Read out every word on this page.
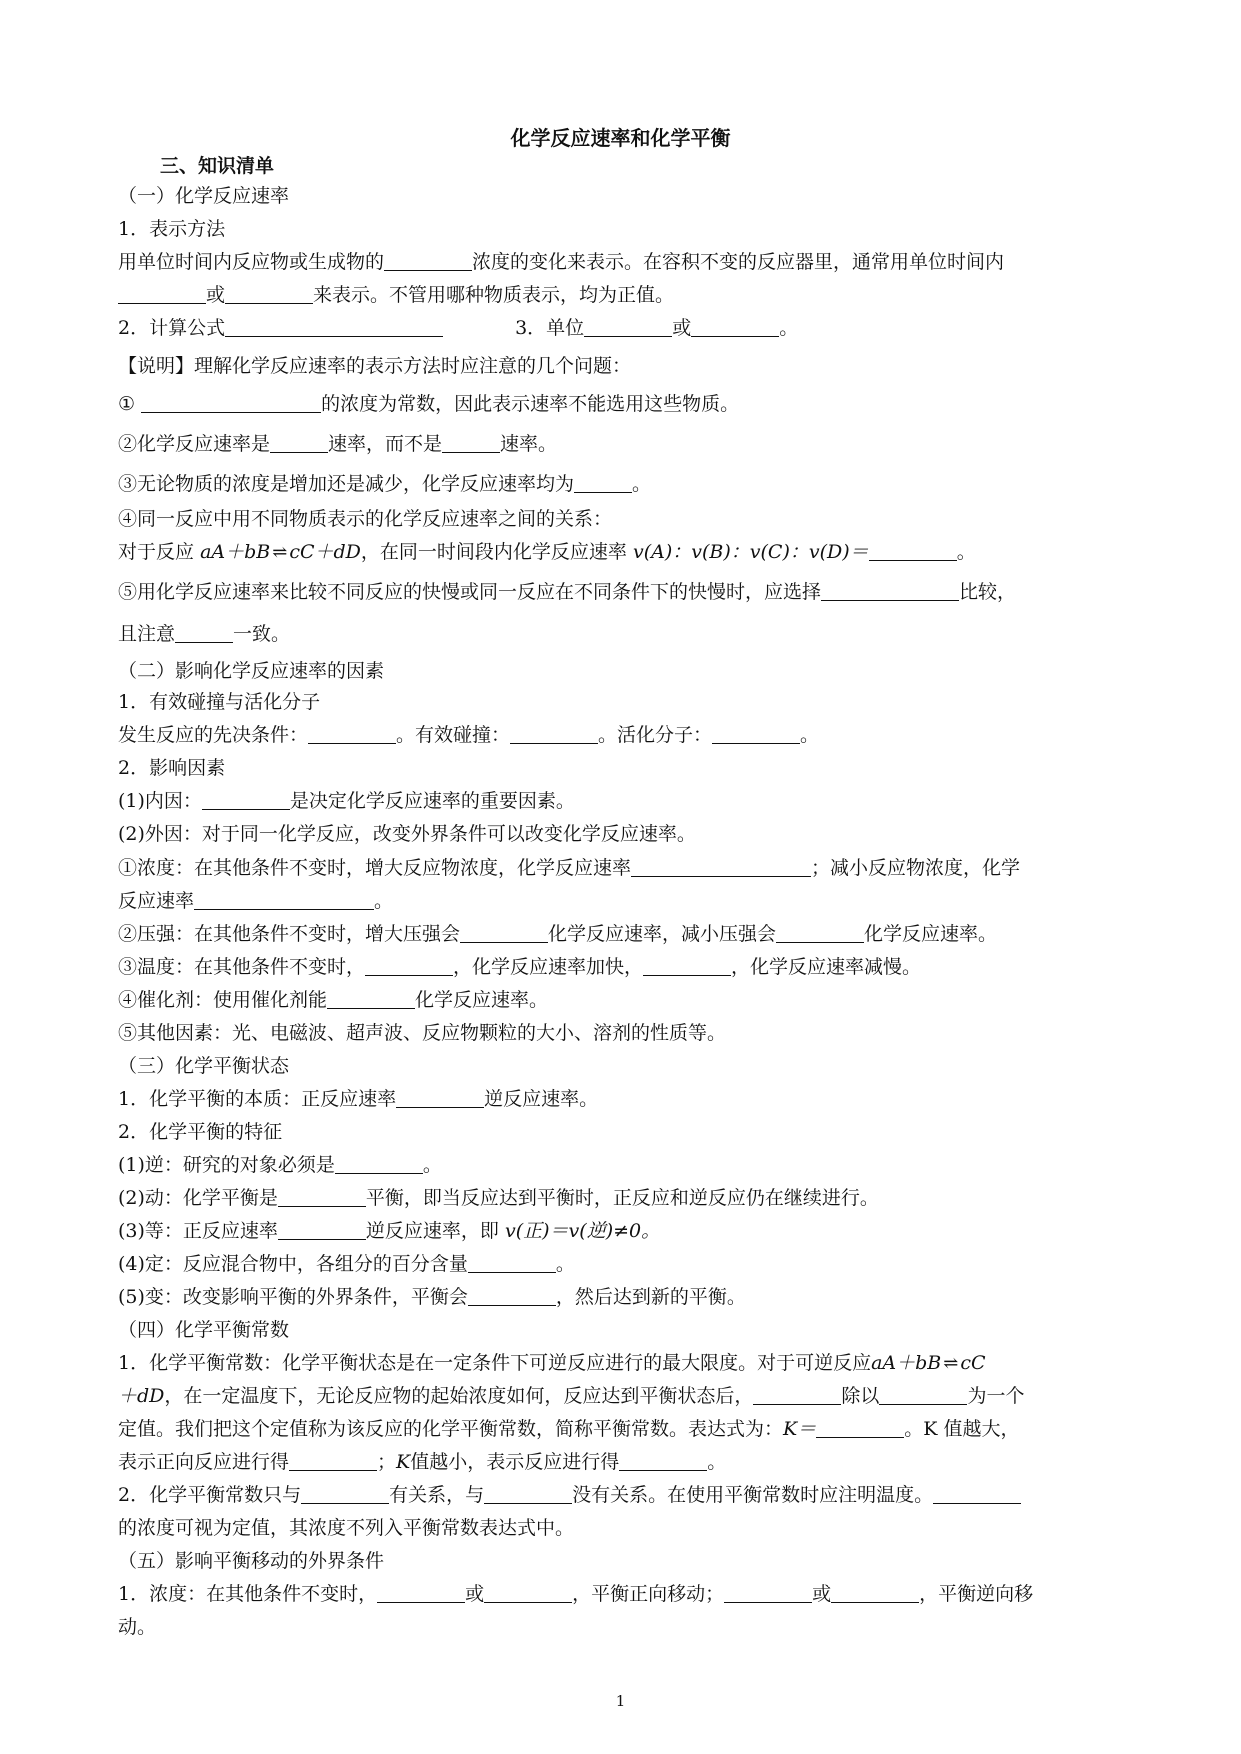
化学反应速率和化学平衡
三、知识清单
（一）化学反应速率
1．表示方法
用单位时间内反应物或生成物的	浓度的变化来表示。在容积不变的反应器里，通常用单位时间内
或	来表示。不管用哪种物质表示，均为正值。
2．计算公式	3．单位	或	。
【说明】理解化学反应速率的表示方法时应注意的几个问题：
①	的浓度为常数，因此表示速率不能选用这些物质。
②化学反应速率是	速率，而不是	速率。
③无论物质的浓度是增加还是减少，化学反应速率均为	。
④同一反应中用不同物质表示的化学反应速率之间的关系：
对于反应 aA＋bB ⇌ cC＋dD，在同一时间段内化学反应速率 v(A)：v(B)：v(C)：v(D)＝	。
⑤用化学反应速率来比较不同反应的快慢或同一反应在不同条件下的快慢时，应选择	比较，
且注意	一致。
（二）影响化学反应速率的因素
1．有效碰撞与活化分子
发生反应的先决条件：	。有效碰撞：	。活化分子：	。
2．影响因素
(1)内因：	是决定化学反应速率的重要因素。
(2)外因：对于同一化学反应，改变外界条件可以改变化学反应速率。
①浓度：在其他条件不变时，增大反应物浓度，化学反应速率	；减小反应物浓度，化学
反应速率	。
②压强：在其他条件不变时，增大压强会	化学反应速率，减小压强会	化学反应速率。
③温度：在其他条件不变时，	，化学反应速率加快，	，化学反应速率减慢。
④催化剂：使用催化剂能	化学反应速率。
⑤其他因素：光、电磁波、超声波、反应物颗粒的大小、溶剂的性质等。
（三）化学平衡状态
1．化学平衡的本质：正反应速率	逆反应速率。
2．化学平衡的特征
(1)逆：研究的对象必须是	。
(2)动：化学平衡是	平衡，即当反应达到平衡时，正反应和逆反应仍在继续进行。
(3)等：正反应速率	逆反应速率，即 v(正)＝v(逆)≠0。
(4)定：反应混合物中，各组分的百分含量	。
(5)变：改变影响平衡的外界条件，平衡会	，然后达到新的平衡。
（四）化学平衡常数
1．化学平衡常数：化学平衡状态是在一定条件下可逆反应进行的最大限度。对于可逆反应aA＋bB ⇌ cC
＋dD，在一定温度下，无论反应物的起始浓度如何，反应达到平衡状态后，	除以	为一个
定值。我们把这个定值称为该反应的化学平衡常数，简称平衡常数。表达式为：K＝	。K 值越大，
表示正向反应进行得	；K值越小，表示反应进行得	。
2．化学平衡常数只与	有关系，与	没有关系。在使用平衡常数时应注明温度。
的浓度可视为定值，其浓度不列入平衡常数表达式中。
（五）影响平衡移动的外界条件
1．浓度：在其他条件不变时，	或	，平衡正向移动；	或	，平衡逆向移
动。
1
